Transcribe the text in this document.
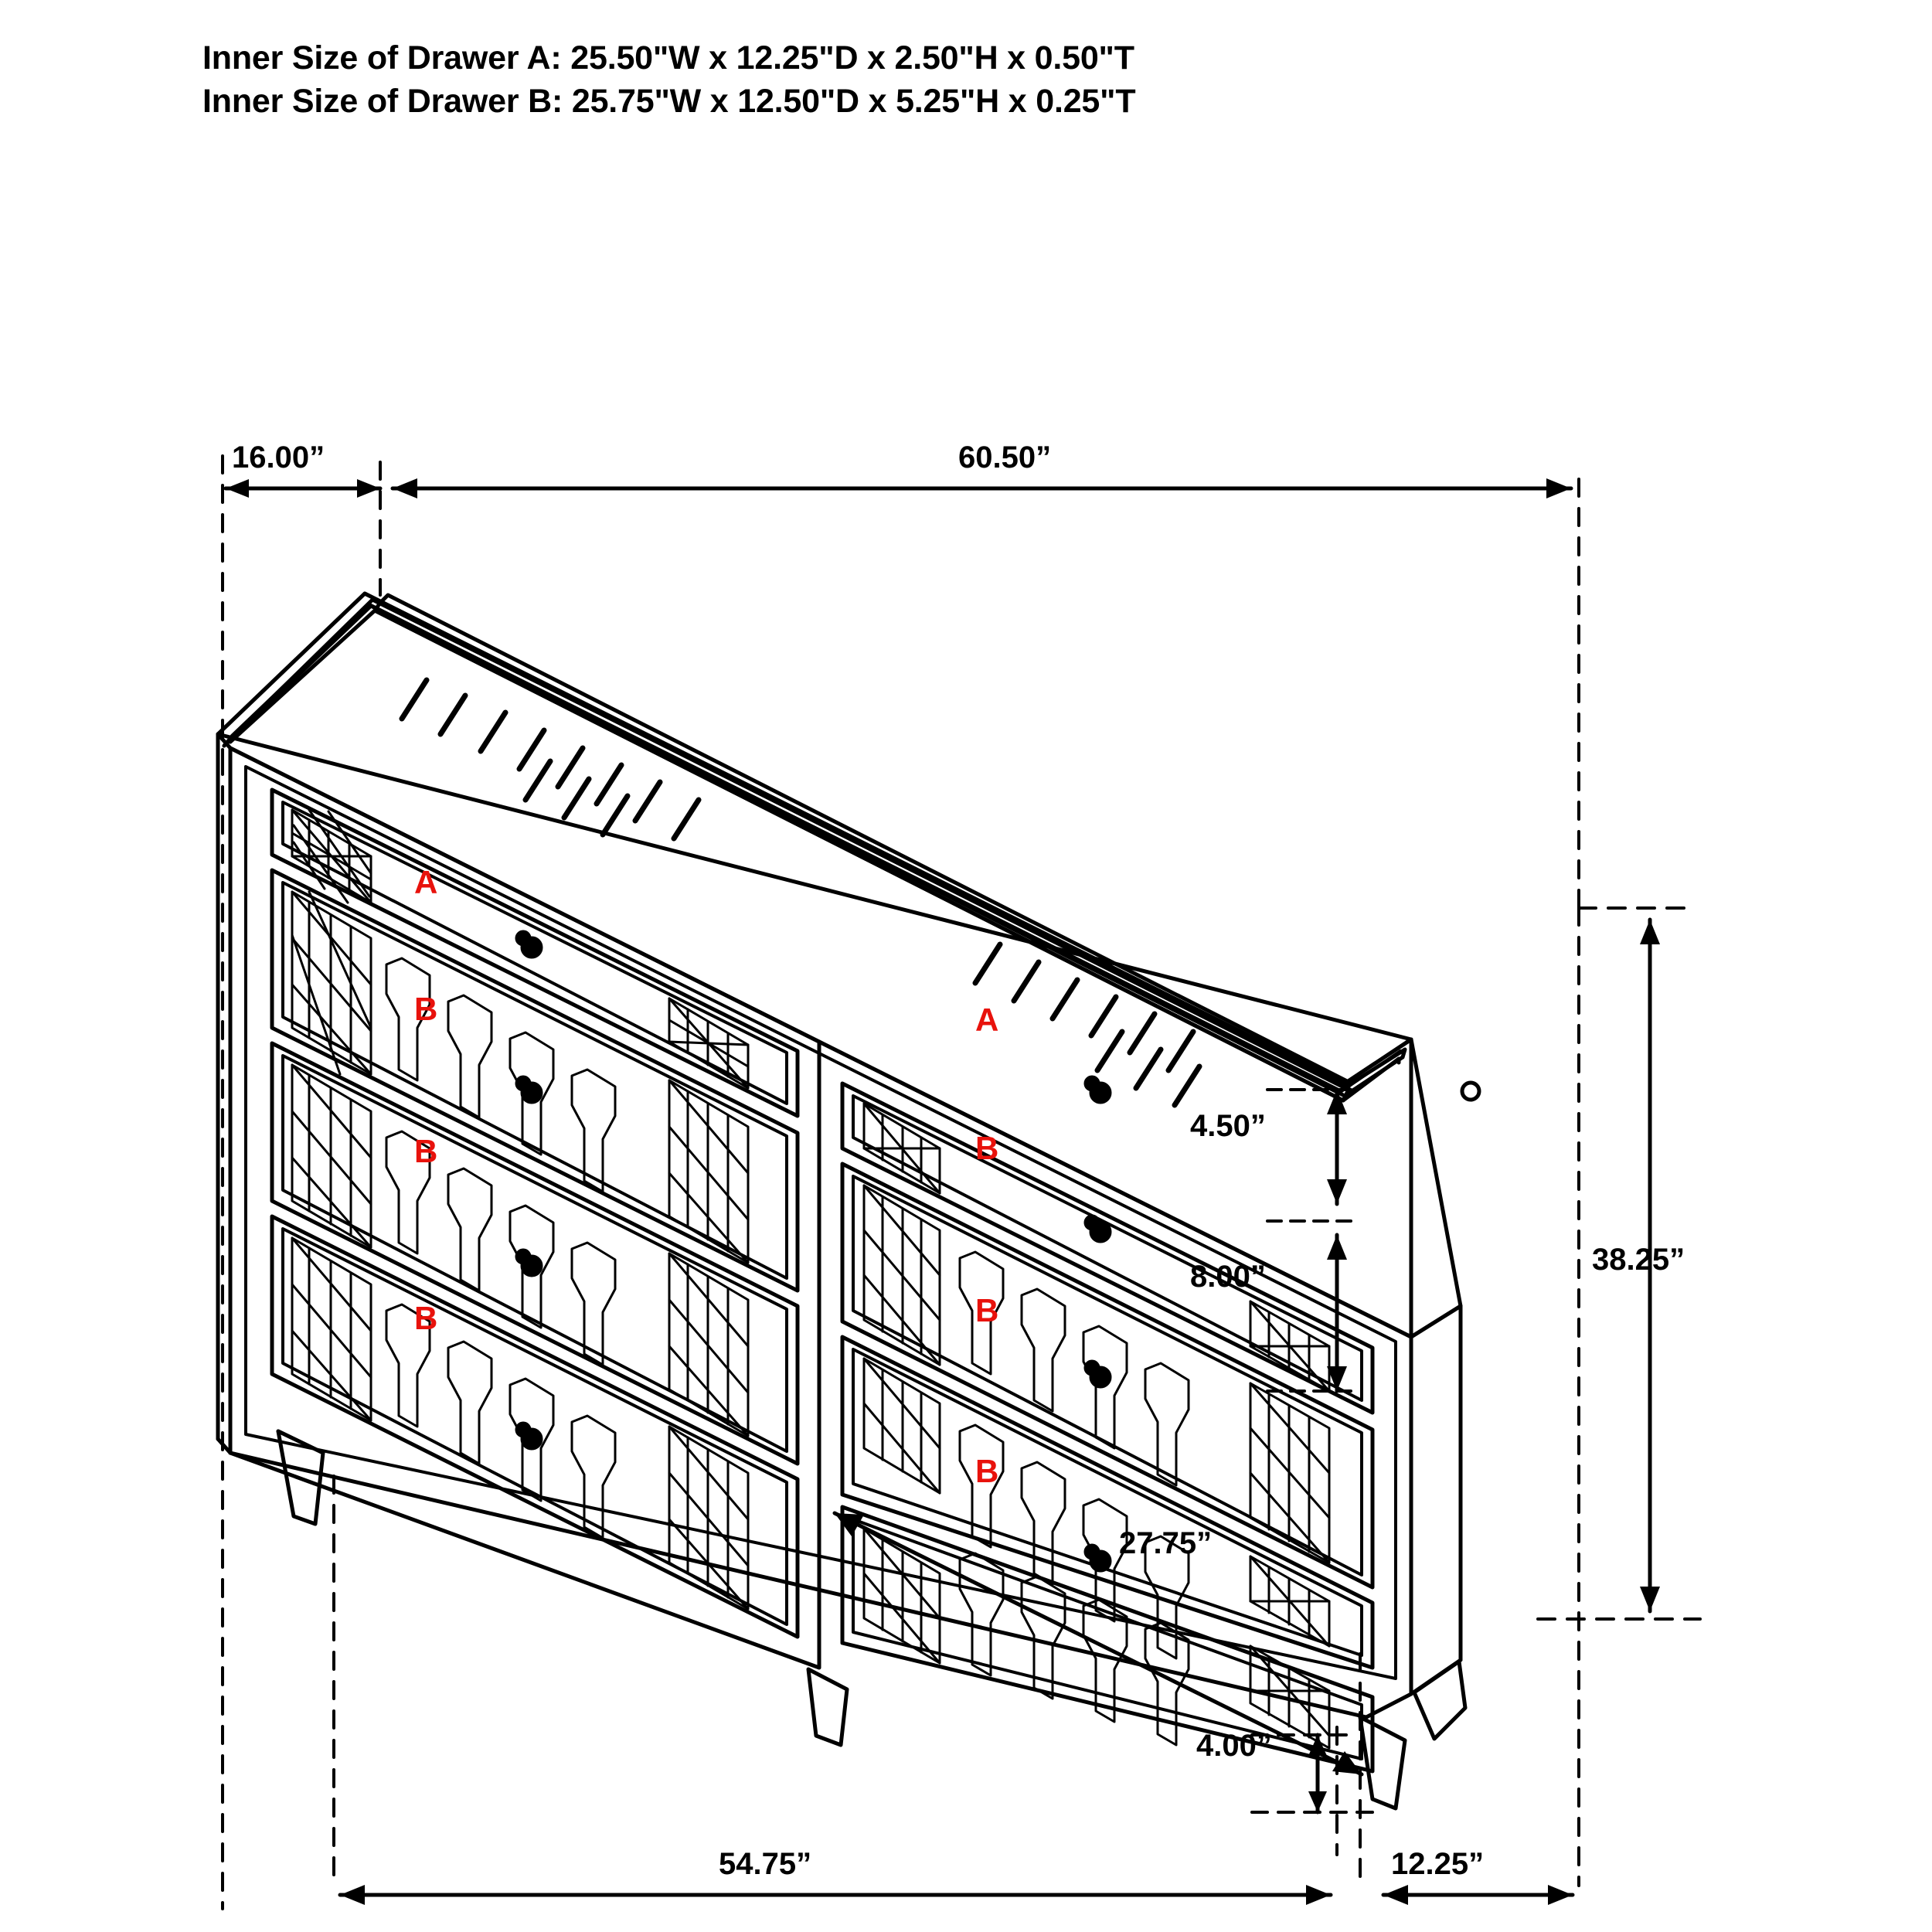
Inner Size of Drawer A: 25.50"W x 12.25"D x 2.50"H x 0.50"T
Inner Size of Drawer B: 25.75"W x 12.50"D x 5.25"H x 0.25"T
16.00”	60.50”
4.50”
8.00”
27.75”
38.25”
4.00”
54.75”	12.25”
A
B
B
B
A
B
B
B
